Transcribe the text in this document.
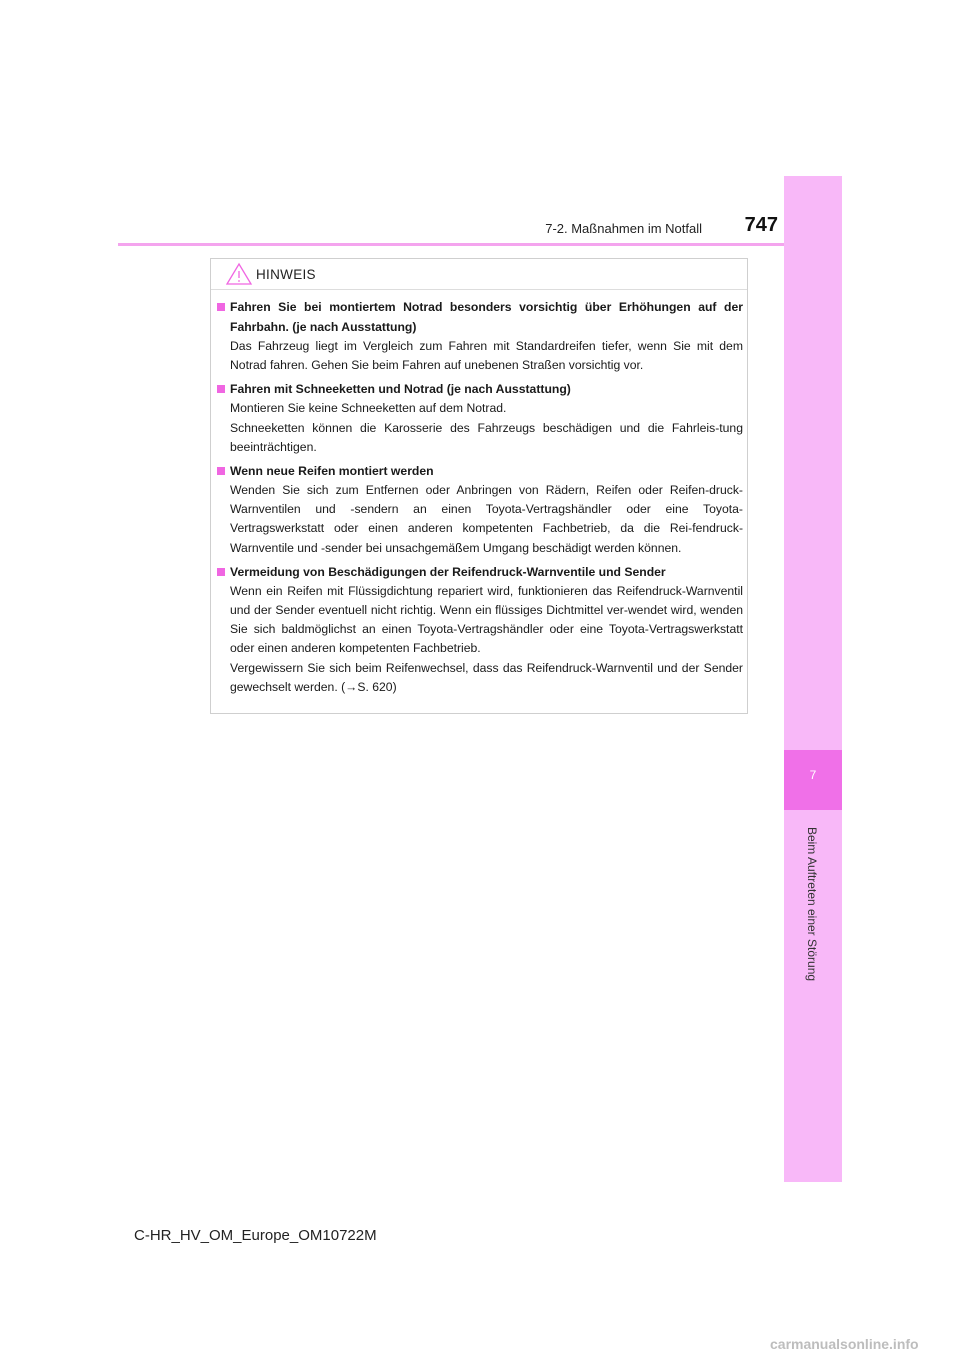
7
Beim Auftreten einer Störung
7-2. Maßnahmen im Notfall	747
HINWEIS
Fahren Sie bei montiertem Notrad besonders vorsichtig über Erhöhungen auf der Fahrbahn. (je nach Ausstattung)

Das Fahrzeug liegt im Vergleich zum Fahren mit Standardreifen tiefer, wenn Sie mit dem Notrad fahren. Gehen Sie beim Fahren auf unebenen Straßen vorsichtig vor.

Fahren mit Schneeketten und Notrad (je nach Ausstattung)

Montieren Sie keine Schneeketten auf dem Notrad.

Schneeketten können die Karosserie des Fahrzeugs beschädigen und die Fahrleis-tung beeinträchtigen.

Wenn neue Reifen montiert werden

Wenden Sie sich zum Entfernen oder Anbringen von Rädern, Reifen oder Reifen-druck-Warnventilen und -sendern an einen Toyota-Vertragshändler oder eine Toyota-Vertragswerkstatt oder einen anderen kompetenten Fachbetrieb, da die Rei-fendruck-Warnventile und -sender bei unsachgemäßem Umgang beschädigt werden können.

Vermeidung von Beschädigungen der Reifendruck-Warnventile und Sender

Wenn ein Reifen mit Flüssigdichtung repariert wird, funktionieren das Reifendruck-Warnventil und der Sender eventuell nicht richtig. Wenn ein flüssiges Dichtmittel ver-wendet wird, wenden Sie sich baldmöglichst an einen Toyota-Vertragshändler oder eine Toyota-Vertragswerkstatt oder einen anderen kompetenten Fachbetrieb.

Vergewissern Sie sich beim Reifenwechsel, dass das Reifendruck-Warnventil und der Sender gewechselt werden. (→S. 620)

C-HR_HV_OM_Europe_OM10722M
carmanualsonline.info
